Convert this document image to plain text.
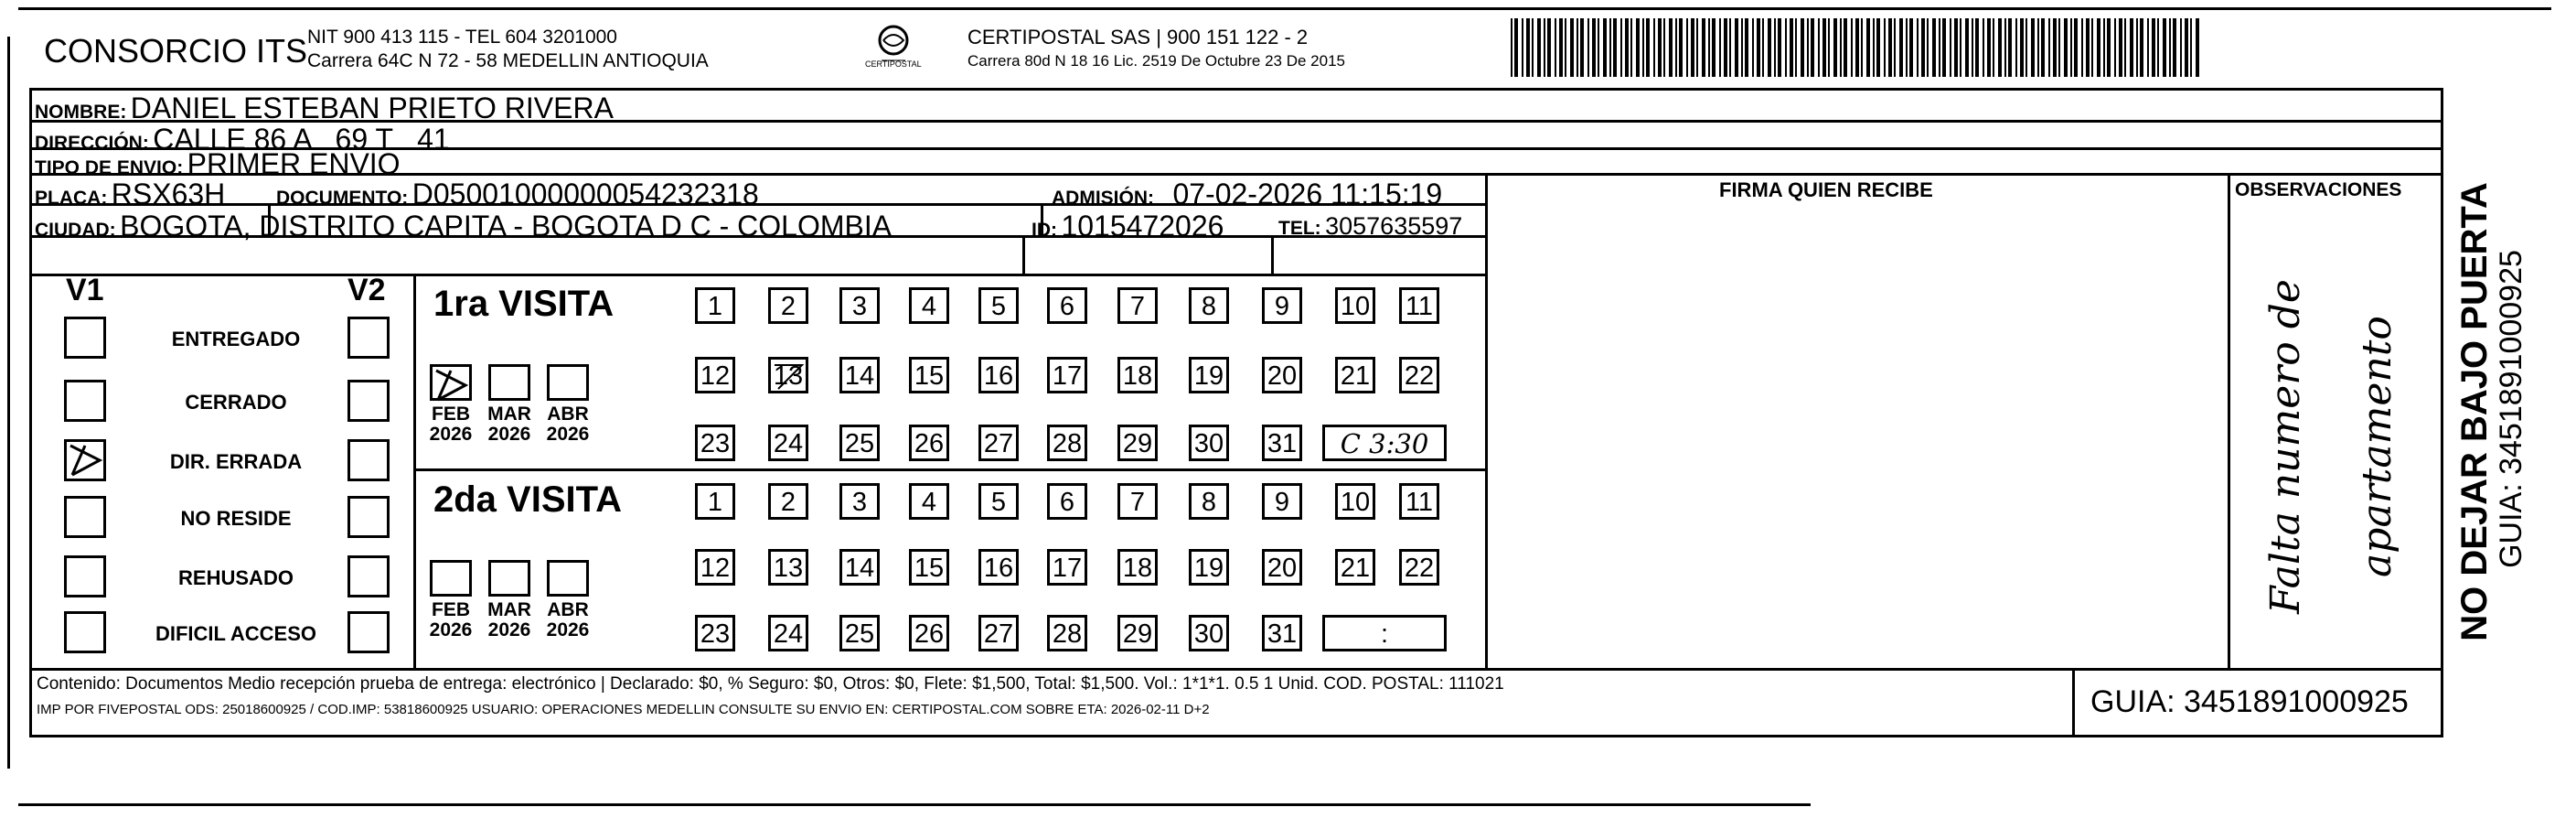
CONSORCIO ITS NIT 900 413 115 - TEL 604 3201000
Carrera 64C N 72 - 58 MEDELLIN ANTIOQUIA	CERTIPOSTAL
CERTIPOSTAL SAS | 900 151 122 - 2
Carrera 80d N 18 16 Lic. 2519 De Octubre 23 De 2015
NOMBRE: DANIEL ESTEBAN PRIETO RIVERA
DIRECCIÓN: CALLE 86 A   69 T   41
TIPO DE ENVIO: PRIMER ENVIO
PLACA: RSX63H	DOCUMENTO: D05001000000054232318	ADMISIÓN: 07-02-2026 11:15:19
CIUDAD: BOGOTA, DISTRITO CAPITA - BOGOTA D C - COLOMBIA	ID: 1015472026	TEL: 3057635597
FIRMA QUIEN RECIBE	OBSERVACIONES
V1	V2
ENTREGADO
CERRADO
DIR. ERRADA
NO RESIDE
REHUSADO
DIFICIL ACCESO
1ra VISITA
2da VISITA
FEB
2026
MAR
2026
ABR
2026
FEB
2026
MAR
2026
ABR
2026
1	2	3	4	5	6	7	8	9	10 11
12 13 14 15 16 17 18 19 20 21 22
23 24 25 26 27 28 29 30 31	C 3:30
1	2	3	4	5	6	7	8	9	10 11
12 13 14 15 16 17 18 19 20 21 22
23 24 25 26 27 28 29 30 31	:
Falta numero de apartamento
Contenido: Documentos Medio recepción prueba de entrega: electrónico | Declarado: $0, % Seguro: $0, Otros: $0, Flete: $1,500, Total: $1,500. Vol.: 1*1*1. 0.5 1 Unid. COD. POSTAL: 111021
IMP POR FIVEPOSTAL ODS: 25018600925 / COD.IMP: 53818600925 USUARIO: OPERACIONES MEDELLIN CONSULTE SU ENVIO EN: CERTIPOSTAL.COM SOBRE ETA: 2026-02-11 D+2	GUIA: 3451891000925
NO DEJAR BAJO PUERTA GUIA: 3451891000925
